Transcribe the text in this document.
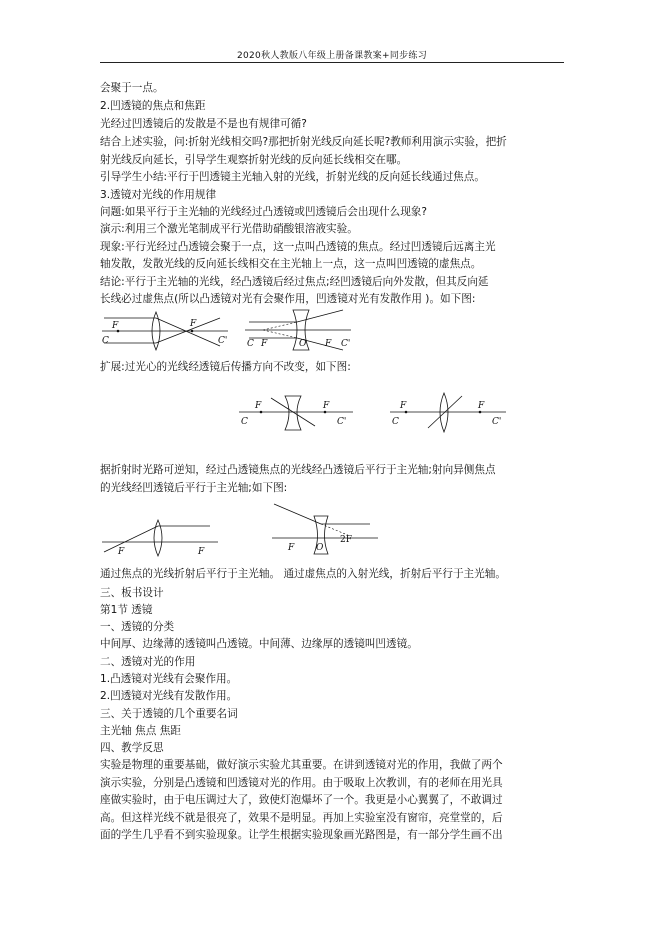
2020秋人教版八年级上册备课教案+同步练习
会聚于一点。
2.凹透镜的焦点和焦距
光经过凹透镜后的发散是不是也有规律可循?
结合上述实验，问:折射光线相交吗?那把折射光线反向延长呢?教师利用演示实验，把折
射光线反向延长，引导学生观察折射光线的反向延长线相交在哪。
引导学生小结:平行于凹透镜主光轴入射的光线，折射光线的反向延长线通过焦点。
3.透镜对光线的作用规律
问题:如果平行于主光轴的光线经过凸透镜或凹透镜后会出现什么现象?
演示:利用三个激光笔制成平行光借助硝酸银溶液实验。
现象:平行光经过凸透镜会聚于一点，这一点叫凸透镜的焦点。经过凹透镜后远离主光
轴发散，发散光线的反向延长线相交在主光轴上一点，这一点叫凹透镜的虚焦点。
结论:平行于主光轴的光线，经凸透镜后经过焦点;经凹透镜后向外发散，但其反向延
长线必过虚焦点(所以凸透镜对光有会聚作用，凹透镜对光有发散作用 )。如下图:
F	F
C	C' C F	O F C'
扩展:过光心的光线经透镜后传播方向不改变，如下图:
F	F
C	C'
F	F
C	C'
据折射时光路可逆知，经过凸透镜焦点的光线经凸透镜后平行于主光轴;射向异侧焦点
的光线经凹透镜后平行于主光轴;如下图:
F	F	F O
2F
通过焦点的光线折射后平行于主光轴。 通过虚焦点的入射光线，折射后平行于主光轴。
三、板书设计
第1节 透镜
一、透镜的分类
中间厚、边缘薄的透镜叫凸透镜。中间薄、边缘厚的透镜叫凹透镜。
二、透镜对光的作用
1.凸透镜对光线有会聚作用。
2.凹透镜对光线有发散作用。
三、关于透镜的几个重要名词
主光轴 焦点 焦距
四、教学反思
实验是物理的重要基础，做好演示实验尤其重要。在讲到透镜对光的作用，我做了两个
演示实验，分别是凸透镜和凹透镜对光的作用。由于吸取上次教训，有的老师在用光具
座做实验时，由于电压调过大了，致使灯泡爆坏了一个。我更是小心翼翼了，不敢调过
高。但这样光线不就是很亮了，效果不是明显。再加上实验室没有窗帘，亮堂堂的，后
面的学生几乎看不到实验现象。让学生根据实验现象画光路图是，有一部分学生画不出
